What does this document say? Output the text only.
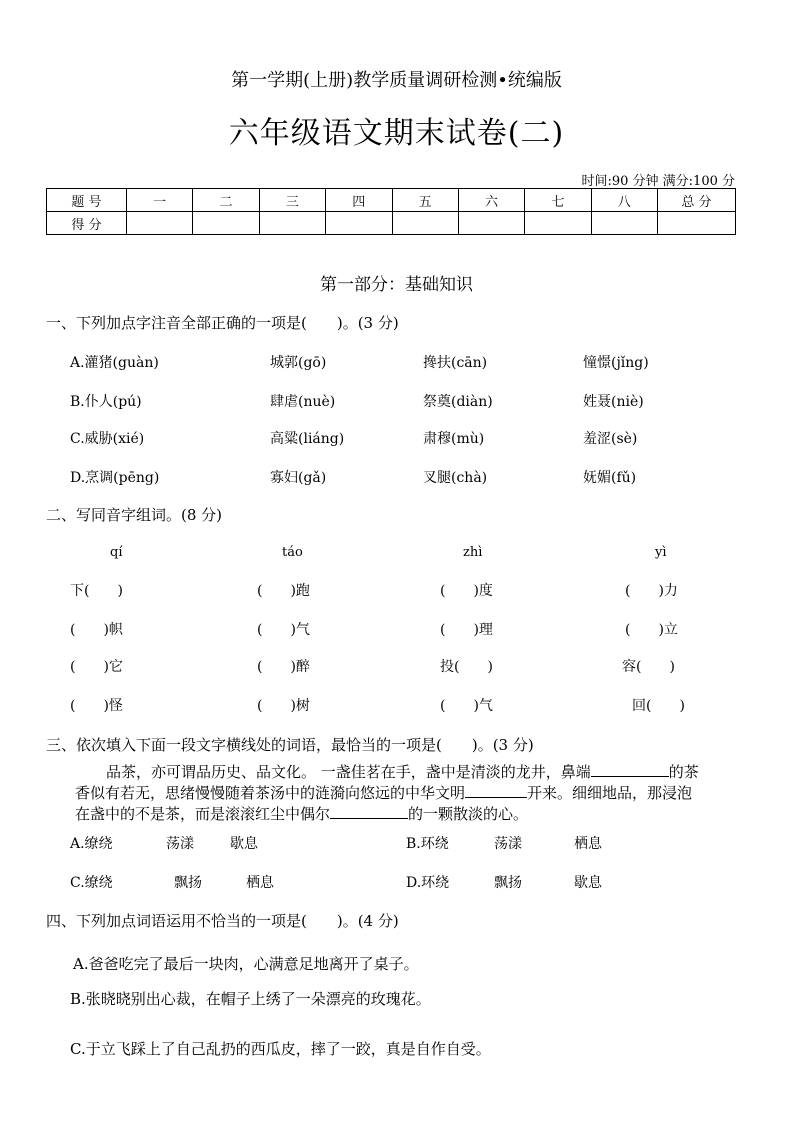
第一学期(上册)教学质量调研检测•统编版
六年级语文期末试卷(二)
时间:90 分钟 满分:100 分
题 号	一	二	三	四	五	六	七	八	总 分
得 分									
第一部分：基础知识
一、下列加点字注音全部正确的一项是(　　)。(3 分)
A.灌猪(guàn)	城郭(gō)	搀扶(cān)	憧憬(jǐng)
B.仆人(pú)	肆虐(nuè)	祭奠(diàn)	姓聂(niè)
C.威胁(xié)	高粱(liáng)	肃穆(mù)	羞涩(sè)
D.烹调(pēng)	寡妇(gǎ)	叉腿(chà)	妩媚(fǔ)
二、写同音字组词。(8 分)
qí	táo	zhì	yì
下(　　)	(　　)跑	(　　)度	(　　)力
(　　)帜	(　　)气	(　　)理	(　　)立
(　　)它	(　　)醉	投(　　)	容(　　)
(　　)怪	(　　)树	(　　)气	回(　　)
三、依次填入下面一段文字横线处的词语，最恰当的一项是(　　)。(3 分)
品茶，亦可谓品历史、品文化。 一盏佳茗在手，盏中是清淡的龙井，鼻端	的茶
香似有若无，思绪慢慢随着茶汤中的涟漪向悠远的中华文明	开来。细细地品，那浸泡
在盏中的不是茶，而是滚滚红尘中偶尔	的一颗散淡的心。
A.缭绕	荡漾	歇息	B.环绕	荡漾	栖息
C.缭绕	飘扬	栖息	D.环绕	飘扬	歇息
四、下列加点词语运用不恰当的一项是(　　)。(4 分)
A.爸爸吃完了最后一块肉，心满意足地离开了桌子。
B.张晓晓别出心裁，在帽子上绣了一朵漂亮的玫瑰花。
C.于立飞踩上了自己乱扔的西瓜皮，摔了一跤，真是自作自受。
